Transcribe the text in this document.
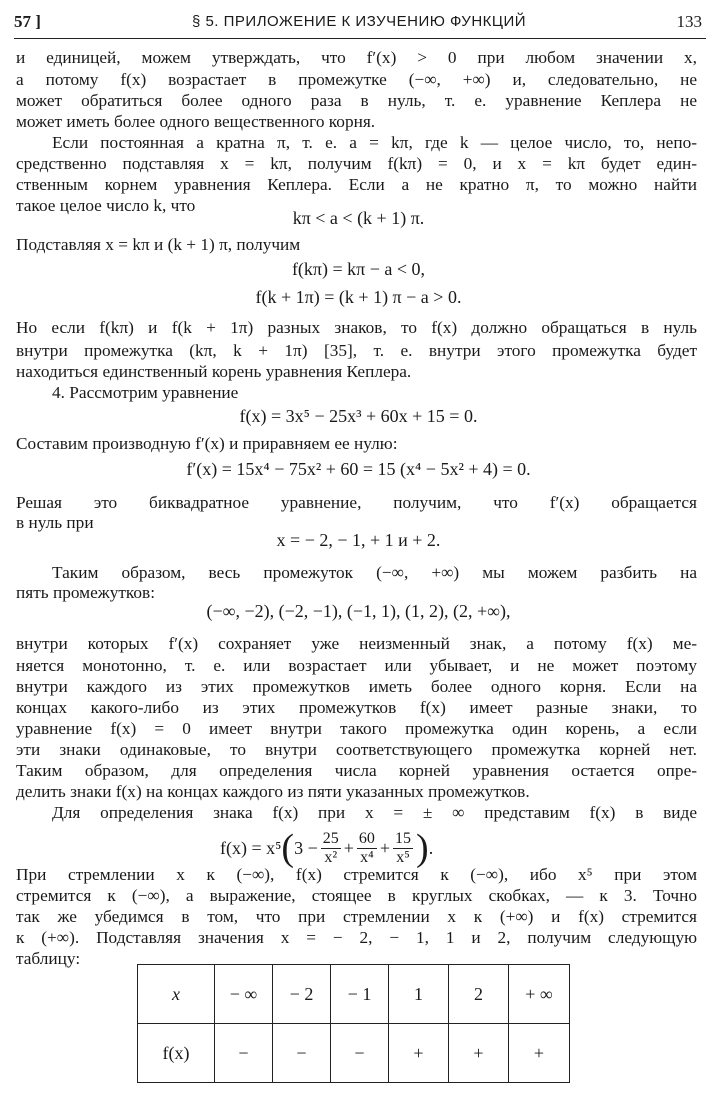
57 ]	§ 5. ПРИЛОЖЕНИЕ К ИЗУЧЕНИЮ ФУНКЦИЙ	133
и единицей, можем утверждать, что f′(x) > 0 при любом значении x,
а потому f(x) возрастает в промежутке (−∞, +∞) и, следовательно, не
может обратиться более одного раза в нуль, т. е. уравнение Кеплера не
может иметь более одного вещественного корня.
Если постоянная a кратна π, т. е. a = kπ, где k — целое число, то, непо-
средственно подставляя x = kπ, получим f(kπ) = 0, и x = kπ будет един-
ственным корнем уравнения Кеплера. Если a не кратно π, то можно найти
такое целое число k, что
kπ < a < (k + 1) π.
Подставляя x = kπ и (k + 1) π, получим
f(kπ) = kπ − a < 0,
f(k + 1π) = (k + 1) π − a > 0.
Но если f(kπ) и f(k + 1π) разных знаков, то f(x) должно обращаться в нуль
внутри промежутка (kπ, k + 1π) [35], т. е. внутри этого промежутка будет
находиться единственный корень уравнения Кеплера.
4. Рассмотрим уравнение
f(x) = 3x⁵ − 25x³ + 60x + 15 = 0.
Составим производную f′(x) и приравняем ее нулю:
f′(x) = 15x⁴ − 75x² + 60 = 15 (x⁴ − 5x² + 4) = 0.
Решая это биквадратное уравнение, получим, что f′(x) обращается
в нуль при
x = − 2, − 1, + 1 и + 2.
Таким образом, весь промежуток (−∞, +∞) мы можем разбить на
пять промежутков:
(−∞, −2), (−2, −1), (−1, 1), (1, 2), (2, +∞),
внутри которых f′(x) сохраняет уже неизменный знак, а потому f(x) ме-
няется монотонно, т. е. или возрастает или убывает, и не может поэтому
внутри каждого из этих промежутков иметь более одного корня. Если на
концах какого-либо из этих промежутков f(x) имеет разные знаки, то
уравнение f(x) = 0 имеет внутри такого промежутка один корень, а если
эти знаки одинаковые, то внутри соответствующего промежутка корней нет.
Таким образом, для определения числа корней уравнения остается опре-
делить знаки f(x) на концах каждого из пяти указанных промежутков.
Для определения знака f(x) при x = ± ∞ представим f(x) в виде
f(x) = x⁵ ( $3 - \frac{25}{\text{x²}} + \frac{60}{\text{x⁴}} + \frac{15}{\text{x⁵}}$ ) .
При стремлении x к (−∞), f(x) стремится к (−∞), ибо x⁵ при этом
стремится к (−∞), а выражение, стоящее в круглых скобках, — к 3. Точно
так же убедимся в том, что при стремлении x к (+∞) и f(x) стремится
к (+∞). Подставляя значения x = − 2, − 1, 1 и 2, получим следующую
таблицу:
x	− ∞	− 2	− 1	1	2	+ ∞
f(x)	−	−	−	+	+	+
